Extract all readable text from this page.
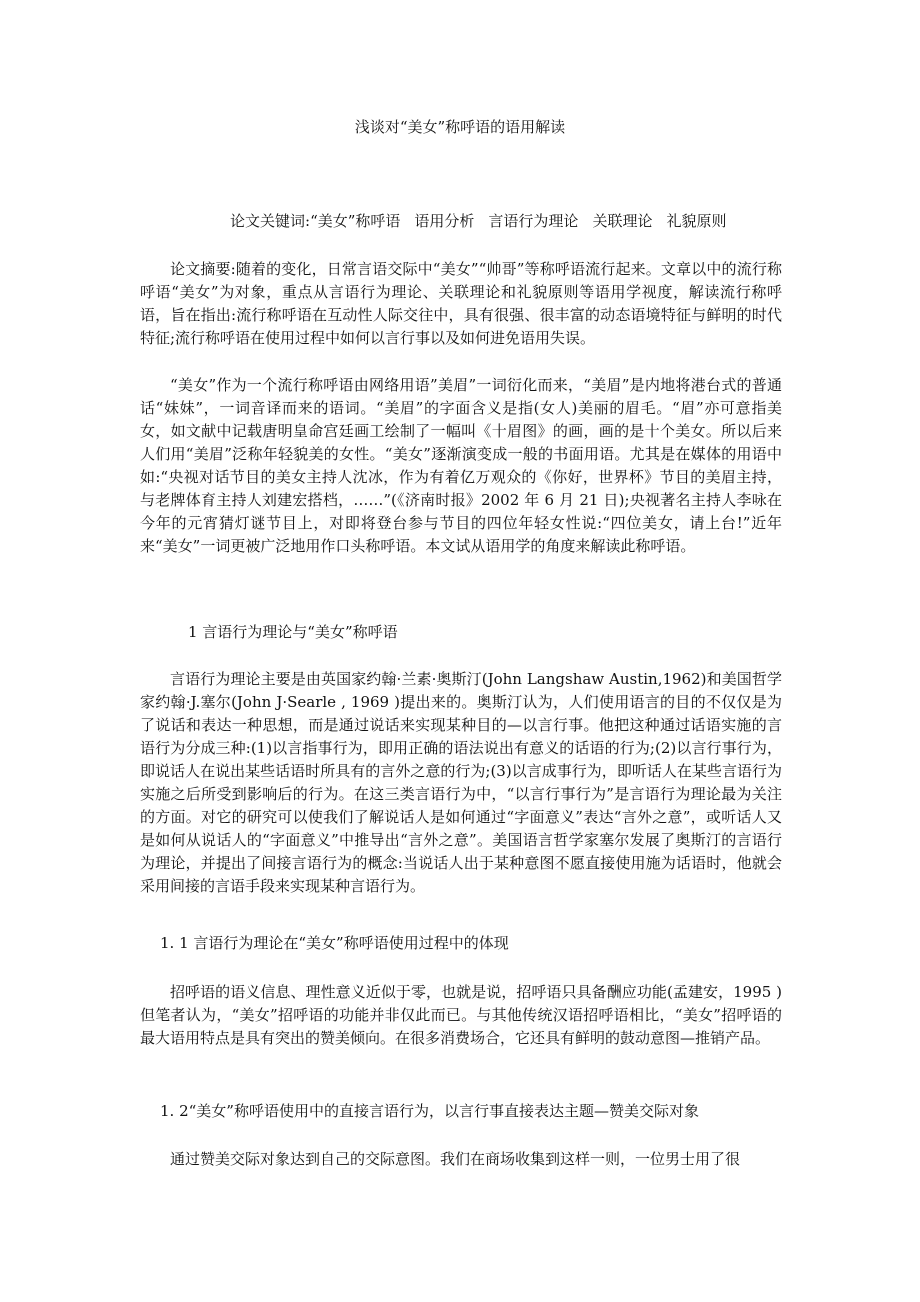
浅谈对“美女”称呼语的语用解读
论文关键词:“美女”称呼语 语用分析 言语行为理论 关联理论 礼貌原则

论文摘要:随着的变化，日常言语交际中“美女”“帅哥”等称呼语流行起来。文章以中的流行称呼语“美女”为对象，重点从言语行为理论、关联理论和礼貌原则等语用学视度，解读流行称呼语，旨在指出:流行称呼语在互动性人际交往中，具有很强、很丰富的动态语境特征与鲜明的时代特征;流行称呼语在使用过程中如何以言行事以及如何进免语用失误。

“美女”作为一个流行称呼语由网络用语”美眉”一词衍化而来，“美眉”是内地将港台式的普通话“妹妹”，一词音译而来的语词。“美眉”的字面含义是指(女人)美丽的眉毛。“眉”亦可意指美女，如文献中记载唐明皇命宫廷画工绘制了一幅叫《十眉图》的画，画的是十个美女。所以后来人们用“美眉”泛称年轻貌美的女性。“美女”逐渐演变成一般的书面用语。尤其是在媒体的用语中如:“央视对话节目的美女主持人沈冰，作为有着亿万观众的《你好，世界杯》节目的美眉主持，与老牌体育主持人刘建宏搭档，……”(《济南时报》2002 年 6 月 21 日);央视著名主持人李咏在今年的元宵猜灯谜节目上，对即将登台参与节目的四位年轻女性说:“四位美女，请上台!”近年来“美女”一词更被广泛地用作口头称呼语。本文试从语用学的角度来解读此称呼语。

1 言语行为理论与“美女”称呼语

言语行为理论主要是由英国家约翰·兰素·奥斯汀(John Langshaw Austin,1962)和美国哲学家约翰·J.塞尔(John J·Searle , 1969 )提出来的。奥斯汀认为，人们使用语言的目的不仅仅是为了说话和表达一种思想，而是通过说话来实现某种目的—以言行事。他把这种通过话语实施的言语行为分成三种:(1)以言指事行为，即用正确的语法说出有意义的话语的行为;(2)以言行事行为，即说话人在说出某些话语时所具有的言外之意的行为;(3)以言成事行为，即听话人在某些言语行为实施之后所受到影响后的行为。在这三类言语行为中，“以言行事行为”是言语行为理论最为关注的方面。对它的研究可以使我们了解说话人是如何通过“字面意义”表达“言外之意”，或听话人又是如何从说话人的“字面意义”中推导出“言外之意”。美国语言哲学家塞尔发展了奥斯汀的言语行为理论，并提出了间接言语行为的概念:当说话人出于某种意图不愿直接使用施为话语时，他就会采用间接的言语手段来实现某种言语行为。

1. 1 言语行为理论在“美女”称呼语使用过程中的体现

招呼语的语义信息、理性意义近似于零，也就是说，招呼语只具备酬应功能(孟建安，1995 )但笔者认为，“美女”招呼语的功能并非仅此而已。与其他传统汉语招呼语相比，“美女”招呼语的最大语用特点是具有突出的赞美倾向。在很多消费场合，它还具有鲜明的鼓动意图—推销产品。

1. 2“美女”称呼语使用中的直接言语行为，以言行事直接表达主题—赞美交际对象

通过赞美交际对象达到自己的交际意图。我们在商场收集到这样一则，一位男士用了很
